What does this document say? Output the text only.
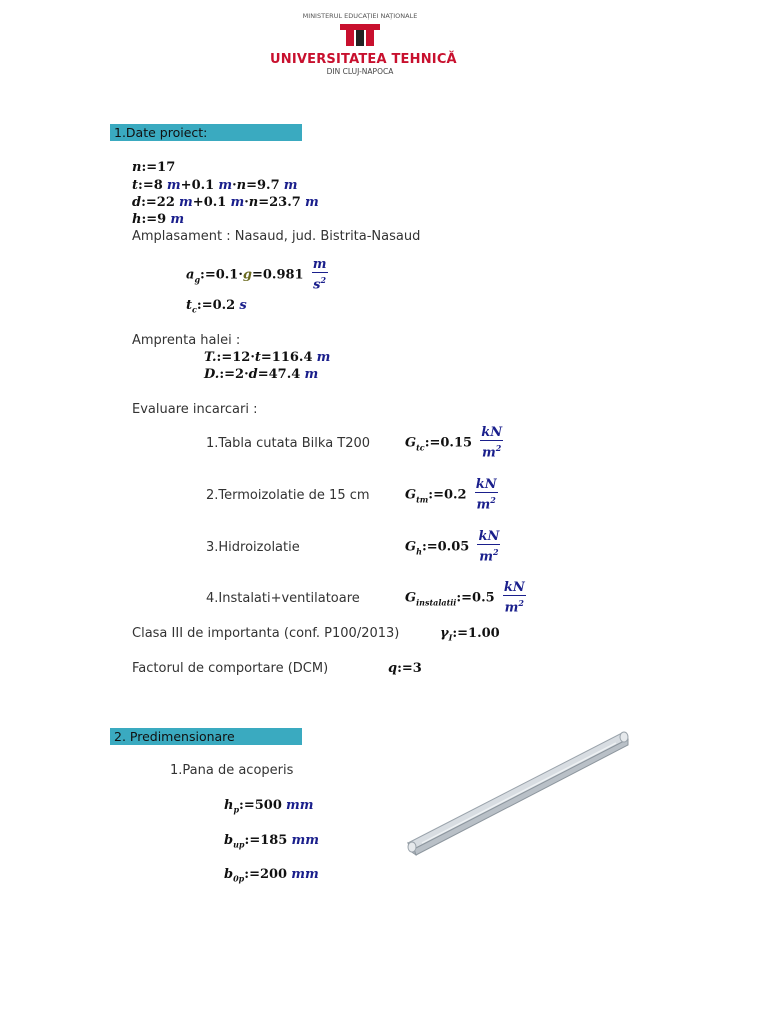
MINISTERUL EDUCAȚIEI NAȚIONALE
UNIVERSITATEA TEHNICĂ
DIN CLUJ-NAPOCA
1.Date proiect:
n:=17
t:=8 m+0.1 m·n=9.7 m
d:=22 m+0.1 m·n=23.7 m
h:=9 m
Amplasament : Nasaud, jud. Bistrita-Nasaud
$a_g:=0.1\cdot g=0.981 \frac{m}{s^2}$
$t_c:=0.2$ s
Amprenta halei :
T.:=12·t=116.4 m
D.:=2·d=47.4 m
Evaluare incarcari :
1.Tabla cutata Bilka T200	$G_{tc}:=0.15 \frac{kN}{m^2}$
2.Termoizolatie de 15 cm	$G_{tm}:=0.2 \frac{kN}{m^2}$
3.Hidroizolatie	$G_h:=0.05 \frac{kN}{m^2}$
4.Instalati+ventilatoare	$G_{instalatii}:=0.5 \frac{kN}{m^2}$
Clasa III de importanta (conf. P100/2013)	$\gamma_I:=1.00$
Factorul de comportare (DCM)	q:=3
2. Predimensionare
1.Pana de acoperis
$h_p:=500$ mm
$b_{up}:=185$ mm
$b_{0p}:=200$ mm
